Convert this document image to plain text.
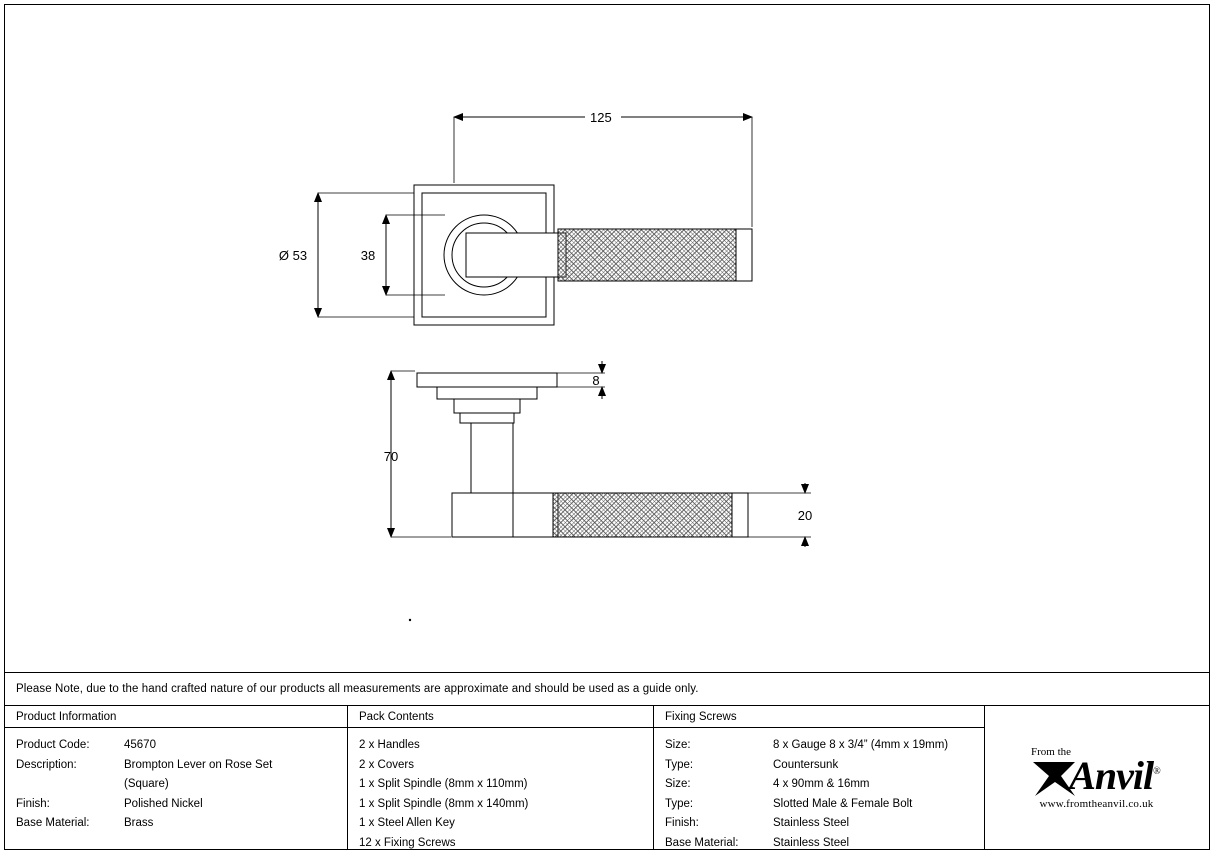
125
Ø 53	38
70
8
20
Please Note, due to the hand crafted nature of our products all measurements are approximate and should be used as a guide only.
Product Information
Product Code:	45670
Description:	Brompton Lever on Rose Set
(Square)
Finish:	Polished Nickel
Base Material:	Brass
Pack Contents
2 x Handles
2 x Covers
1 x Split Spindle (8mm x 110mm)
1 x Split Spindle (8mm x 140mm)
1 x Steel Allen Key
12 x Fixing Screws
Fixing Screws
Size:	8 x Gauge 8 x 3/4” (4mm x 19mm)
Type:	Countersunk
Size:	4 x 90mm & 16mm
Type:	Slotted Male & Female Bolt
Finish:	Stainless Steel
Base Material:	Stainless Steel
From the
Anvil®
www.fromtheanvil.co.uk
